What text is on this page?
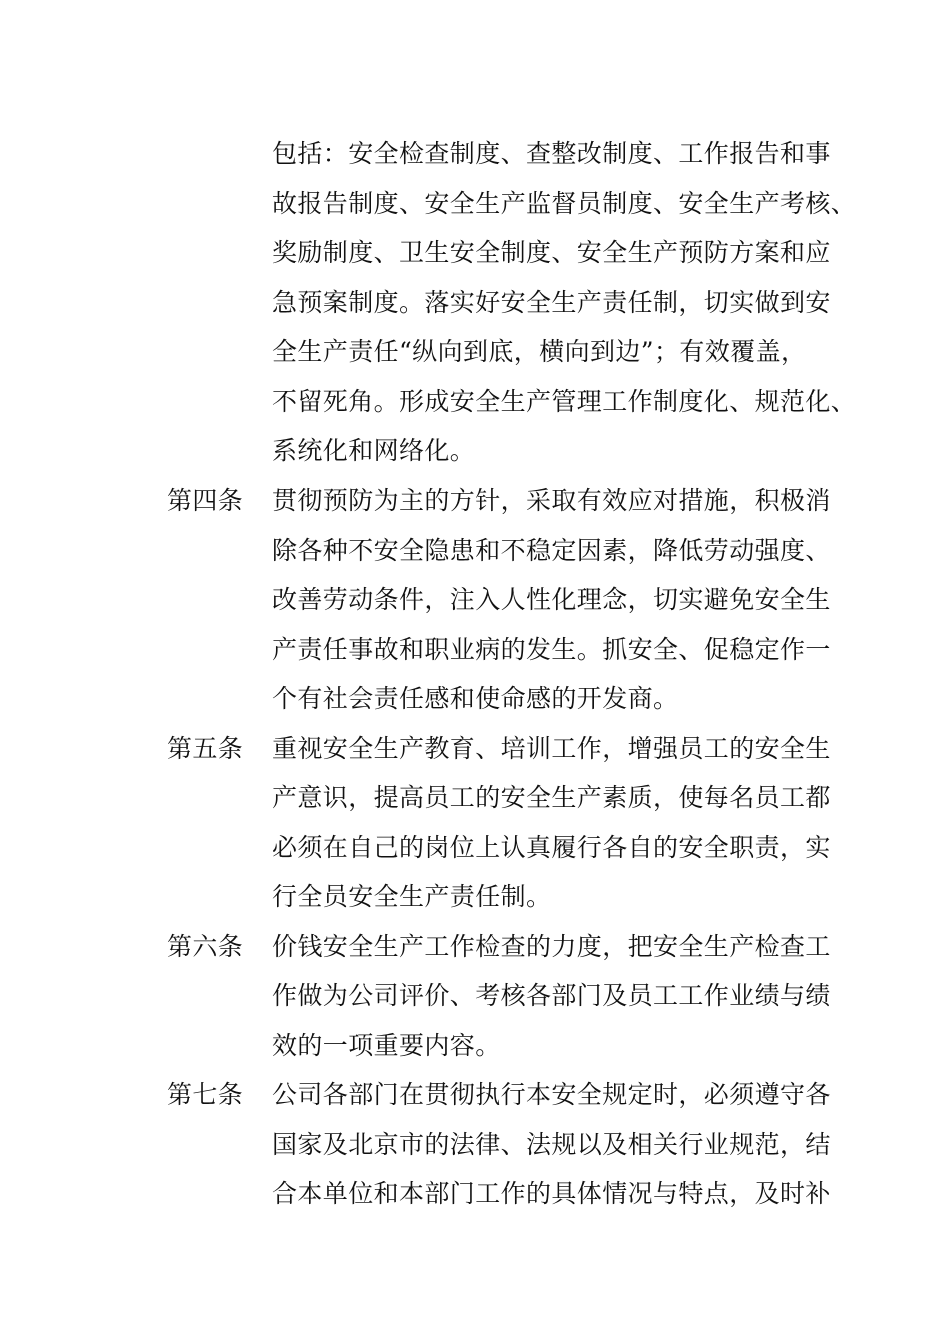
包括：安全检查制度、查整改制度、工作报告和事
故报告制度、安全生产监督员制度、安全生产考核、
奖励制度、卫生安全制度、安全生产预防方案和应
急预案制度。落实好安全生产责任制，切实做到安
全生产责任“纵向到底，横向到边”；有效覆盖，
不留死角。形成安全生产管理工作制度化、规范化、
系统化和网络化。
第四条 贯彻预防为主的方针，采取有效应对措施，积极消
除各种不安全隐患和不稳定因素，降低劳动强度、
改善劳动条件，注入人性化理念，切实避免安全生
产责任事故和职业病的发生。抓安全、促稳定作一
个有社会责任感和使命感的开发商。
第五条 重视安全生产教育、培训工作，增强员工的安全生
产意识，提高员工的安全生产素质，使每名员工都
必须在自己的岗位上认真履行各自的安全职责，实
行全员安全生产责任制。
第六条 价钱安全生产工作检查的力度，把安全生产检查工
作做为公司评价、考核各部门及员工工作业绩与绩
效的一项重要内容。
第七条 公司各部门在贯彻执行本安全规定时，必须遵守各
国家及北京市的法律、法规以及相关行业规范，结
合本单位和本部门工作的具体情况与特点，及时补
